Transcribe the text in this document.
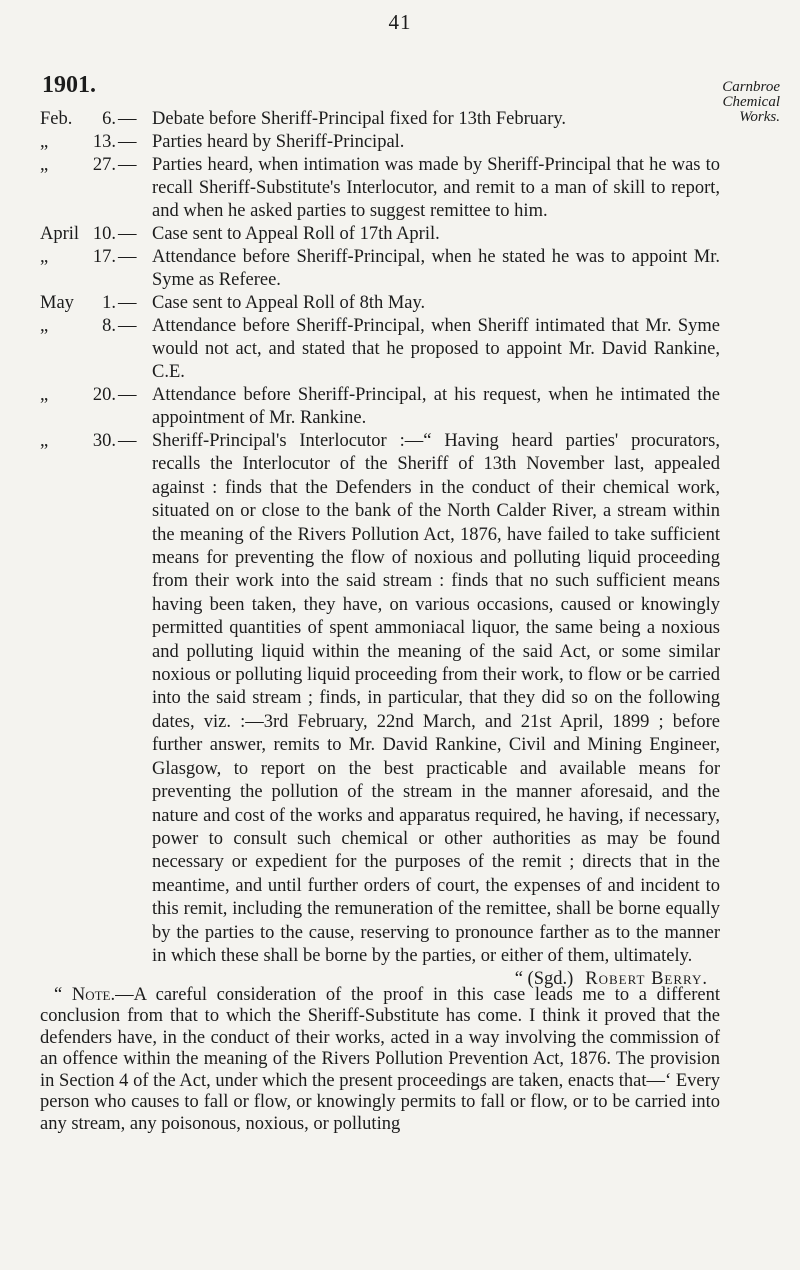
41
1901.	Carnbroe
Chemical
Works.

Feb.	6. — Debate before Sheriff-Principal fixed for 13th February.

„	13. — Parties heard by Sheriff-Principal.

„	27. — Parties heard, when intimation was made by Sheriff-Principal that he was to recall Sheriff-Substitute's Interlocutor, and remit to a man of skill to report, and when he asked parties to suggest remittee to him.

April 10. — Case sent to Appeal Roll of 17th April.

„	17. — Attendance before Sheriff-Principal, when he stated he was to appoint Mr. Syme as Referee.

May	1. — Case sent to Appeal Roll of 8th May.

„	8. — Attendance before Sheriff-Principal, when Sheriff intimated that Mr. Syme would not act, and stated that he proposed to appoint Mr. David Rankine, C.E.

„	20. — Attendance before Sheriff-Principal, at his request, when he intimated the appointment of Mr. Rankine.

„	30. — Sheriff-Principal's Interlocutor :—“ Having heard parties' procurators, recalls the Interlocutor of the Sheriff of 13th November last, appealed against : finds that the Defenders in the conduct of their chemical work, situated on or close to the bank of the North Calder River, a stream within the meaning of the Rivers Pollution Act, 1876, have failed to take sufficient means for preventing the flow of noxious and polluting liquid proceeding from their work into the said stream : finds that no such sufficient means having been taken, they have, on various occasions, caused or knowingly permitted quantities of spent ammoniacal liquor, the same being a noxious and polluting liquid within the meaning of the said Act, or some similar noxious or polluting liquid proceeding from their work, to flow or be carried into the said stream ; finds, in particular, that they did so on the following dates, viz. :—3rd February, 22nd March, and 21st April, 1899 ; before further answer, remits to Mr. David Rankine, Civil and Mining Engineer, Glasgow, to report on the best practicable and available means for preventing the pollution of the stream in the manner aforesaid, and the nature and cost of the works and apparatus required, he having, if necessary, power to consult such chemical or other authorities as may be found necessary or expedient for the purposes of the remit ; directs that in the meantime, and until further orders of court, the expenses of and incident to this remit, including the remuneration of the remittee, shall be borne equally by the parties to the cause, reserving to pronounce farther as to the manner in which these shall be borne by the parties, or either of them, ultimately.

“ (Sgd.) Robert Berry.

“ Note.—A careful consideration of the proof in this case leads me to a different conclusion from that to which the Sheriff-Substitute has come. I think it proved that the defenders have, in the conduct of their works, acted in a way involving the commission of an offence within the meaning of the Rivers Pollution Prevention Act, 1876. The provision in Section 4 of the Act, under which the present proceedings are taken, enacts that—‘ Every person who causes to fall or flow, or knowingly permits to fall or flow, or to be carried into any stream, any poisonous, noxious, or polluting
